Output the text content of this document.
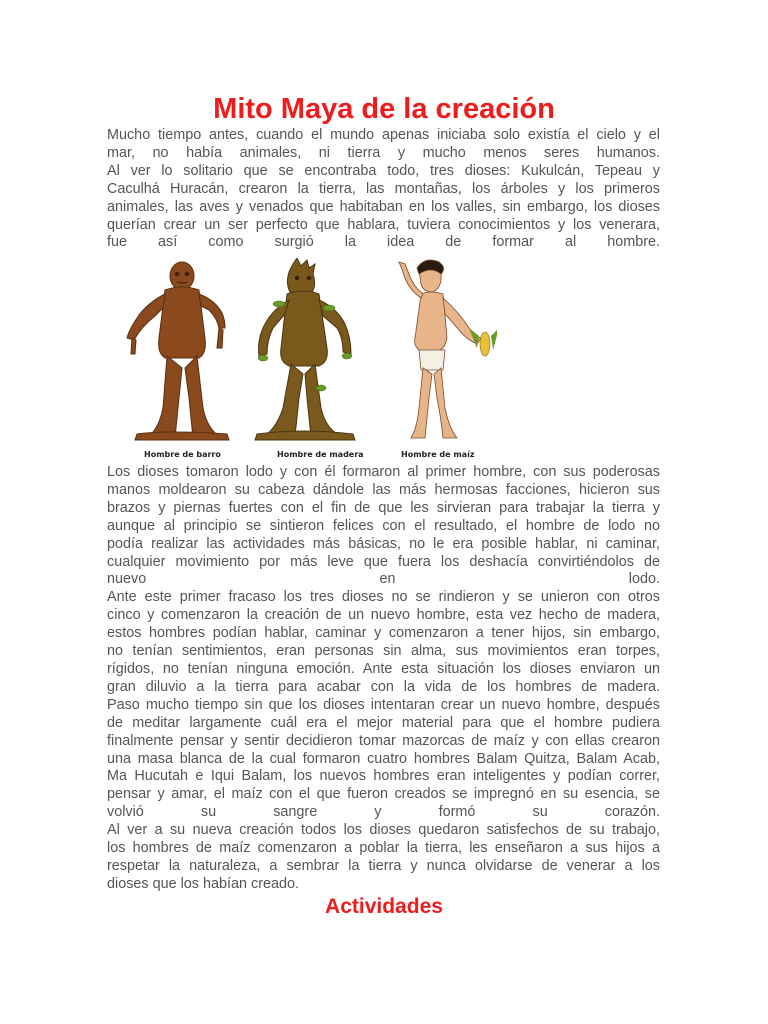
Mito Maya de la creación
Mucho tiempo antes, cuando el mundo apenas iniciaba solo existía el cielo y el
mar, no había animales, ni tierra y mucho menos seres humanos.
Al ver lo solitario que se encontraba todo, tres dioses: Kukulcán, Tepeau y
Caculhá Huracán, crearon la tierra, las montañas, los árboles y los primeros
animales, las aves y venados que habitaban en los valles, sin embargo, los dioses
querían crear un ser perfecto que hablara, tuviera conocimientos y los venerara,
fue así como surgió la idea de formar al hombre.
Hombre de barro	Hombre de madera	Hombre de maíz
Los dioses tomaron lodo y con él formaron al primer hombre, con sus poderosas
manos moldearon su cabeza dándole las más hermosas facciones, hicieron sus
brazos y piernas fuertes con el fin de que les sirvieran para trabajar la tierra y
aunque al principio se sintieron felices con el resultado, el hombre de lodo no
podía realizar las actividades más básicas, no le era posible hablar, ni caminar,
cualquier movimiento por más leve que fuera los deshacía convirtiéndolos de
nuevo en lodo.
Ante este primer fracaso los tres dioses no se rindieron y se unieron con otros
cinco y comenzaron la creación de un nuevo hombre, esta vez hecho de madera,
estos hombres podían hablar, caminar y comenzaron a tener hijos, sin embargo,
no tenían sentimientos, eran personas sin alma, sus movimientos eran torpes,
rígidos, no tenían ninguna emoción. Ante esta situación los dioses enviaron un
gran diluvio a la tierra para acabar con la vida de los hombres de madera.
Paso mucho tiempo sin que los dioses intentaran crear un nuevo hombre, después
de meditar largamente cuál era el mejor material para que el hombre pudiera
finalmente pensar y sentir decidieron tomar mazorcas de maíz y con ellas crearon
una masa blanca de la cual formaron cuatro hombres Balam Quitza, Balam Acab,
Ma Hucutah e Iqui Balam, los nuevos hombres eran inteligentes y podían correr,
pensar y amar, el maíz con el que fueron creados se impregnó en su esencia, se
volvió su sangre y formó su corazón.
Al ver a su nueva creación todos los dioses quedaron satisfechos de su trabajo,
los hombres de maíz comenzaron a poblar la tierra, les enseñaron a sus hijos a
respetar la naturaleza, a sembrar la tierra y nunca olvidarse de venerar a los
dioses que los habían creado.
Actividades
